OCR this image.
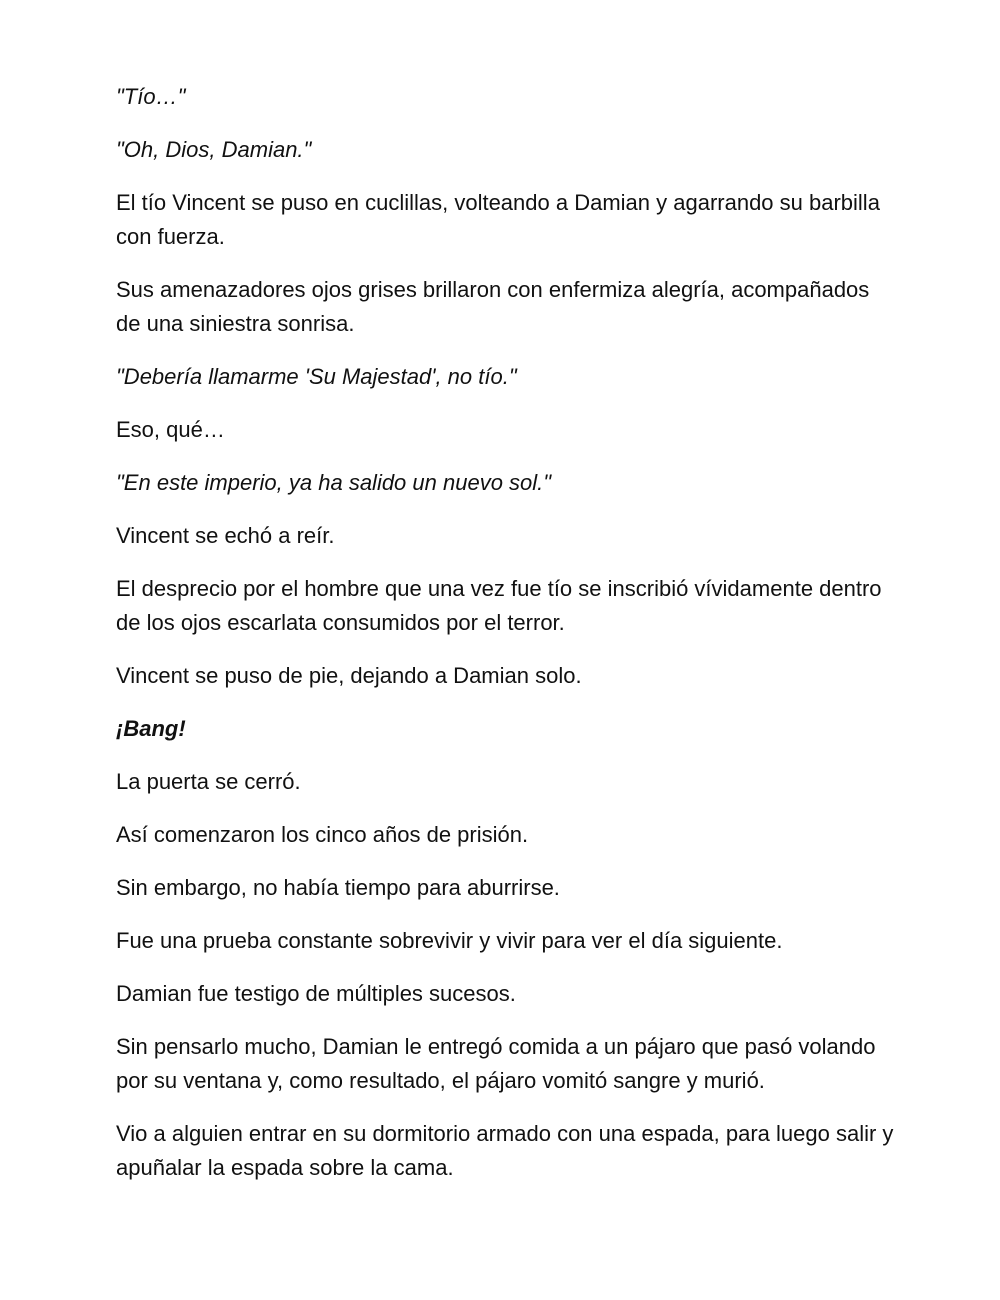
"Tío…"

"Oh, Dios, Damian."

El tío Vincent se puso en cuclillas, volteando a Damian y agarrando su barbilla con fuerza.

Sus amenazadores ojos grises brillaron con enfermiza alegría, acompañados de una siniestra sonrisa.

"Debería llamarme 'Su Majestad', no tío."

Eso, qué…

"En este imperio, ya ha salido un nuevo sol."

Vincent se echó a reír.

El desprecio por el hombre que una vez fue tío se inscribió vívidamente dentro de los ojos escarlata consumidos por el terror.

Vincent se puso de pie, dejando a Damian solo.

¡Bang!

La puerta se cerró.

Así comenzaron los cinco años de prisión.

Sin embargo, no había tiempo para aburrirse.

Fue una prueba constante sobrevivir y vivir para ver el día siguiente.

Damian fue testigo de múltiples sucesos.

Sin pensarlo mucho, Damian le entregó comida a un pájaro que pasó volando por su ventana y, como resultado, el pájaro vomitó sangre y murió.

Vio a alguien entrar en su dormitorio armado con una espada, para luego salir y apuñalar la espada sobre la cama.
